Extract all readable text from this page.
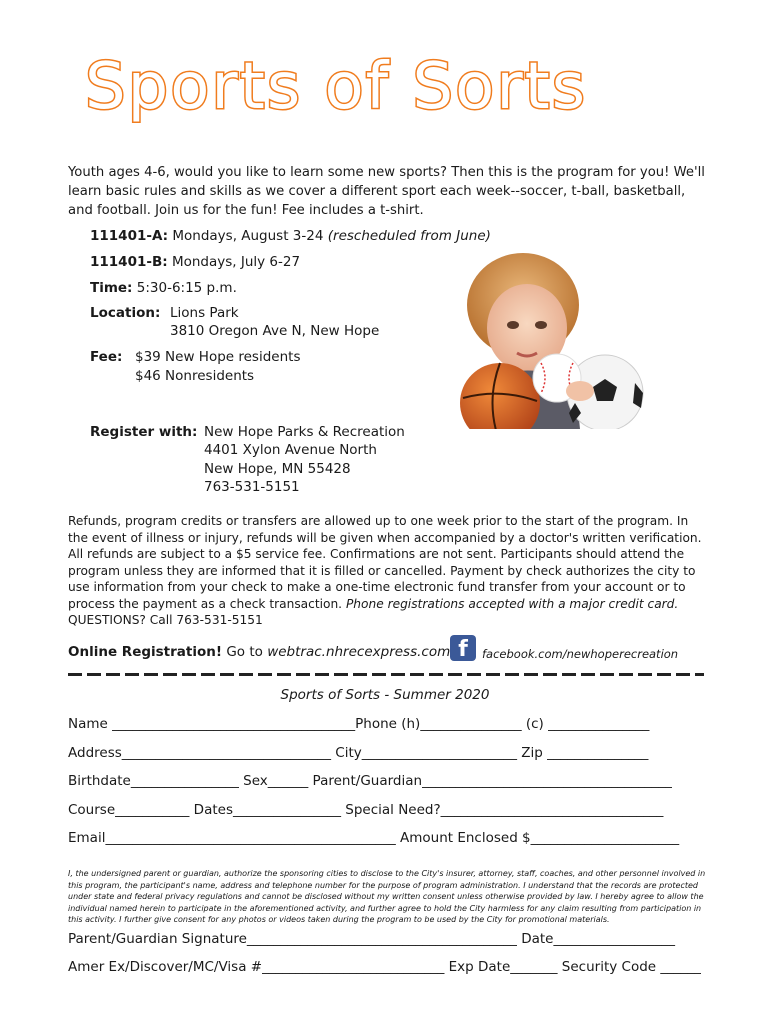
Sports of Sorts
Youth ages 4-6, would you like to learn some new sports? Then this is the program for you! We'll learn basic rules and skills as we cover a different sport each week--soccer, t-ball, basketball, and football. Join us for the fun! Fee includes a t-shirt.
111401-A: Mondays, August 3-24 (rescheduled from June)
111401-B: Mondays, July 6-27
Time: 5:30-6:15 p.m.
Location: Lions Park
3810 Oregon Ave N, New Hope
Fee: $39 New Hope residents
$46 Nonresidents
Register with: New Hope Parks & Recreation
4401 Xylon Avenue North
New Hope, MN 55428
763-531-5151
Refunds, program credits or transfers are allowed up to one week prior to the start of the program. In the event of illness or injury, refunds will be given when accompanied by a doctor's written verification. All refunds are subject to a $5 service fee. Confirmations are not sent. Participants should attend the program unless they are informed that it is filled or cancelled. Payment by check authorizes the city to use information from your check to make a one-time electronic fund transfer from your account or to process the payment as a check transaction. Phone registrations accepted with a major credit card.
QUESTIONS? Call 763-531-5151
Online Registration! Go to webtrac.nhrecexpress.com f	facebook.com/newhoperecreation
Sports of Sorts - Summer 2020
Name ____________________________________Phone (h)_______________ (c) _______________
Address_______________________________ City_______________________ Zip _______________
Birthdate________________ Sex______ Parent/Guardian_____________________________________
Course___________ Dates________________ Special Need?_________________________________
Email___________________________________________ Amount Enclosed $______________________
I, the undersigned parent or guardian, authorize the sponsoring cities to disclose to the City's insurer, attorney, staff, coaches, and other personnel involved in this program, the participant's name, address and telephone number for the purpose of program administration. I understand that the records are protected under state and federal privacy regulations and cannot be disclosed without my written consent unless otherwise provided by law. I hereby agree to allow the individual named herein to participate in the aforementioned activity, and further agree to hold the City harmless for any claim resulting from participation in this activity. I further give consent for any photos or videos taken during the program to be used by the City for promotional materials.
Parent/Guardian Signature________________________________________ Date__________________
Amer Ex/Discover/MC/Visa #___________________________ Exp Date_______ Security Code ______
